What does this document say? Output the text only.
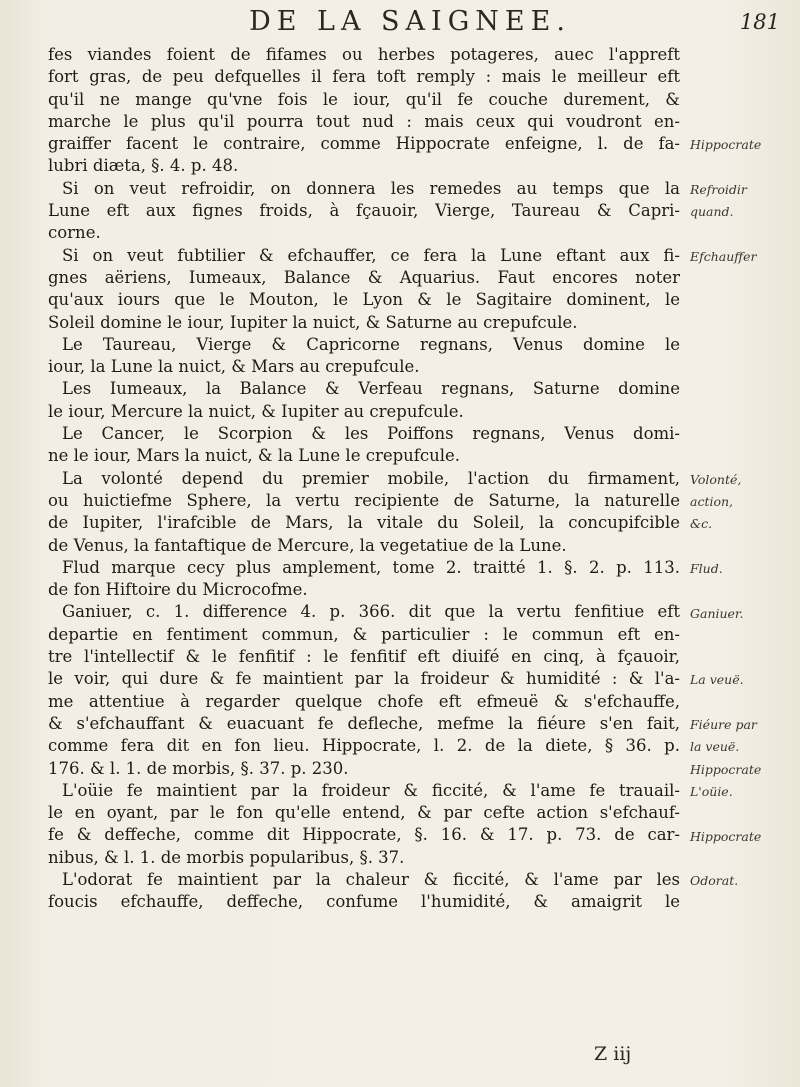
DE LA SAIGNEE.	181
fes viandes foient de fifames ou herbes potageres, auec l'appreft
fort gras, de peu defquelles il fera toft remply : mais le meilleur eft
qu'il ne mange qu'vne fois le iour, qu'il fe couche durement, &
marche le plus qu'il pourra tout nud : mais ceux qui voudront en-
graiffer facent le contraire, comme Hippocrate enfeigne, l. de fa-
lubri diæta, §. 4. p. 48.
Si on veut refroidir, on donnera les remedes au temps que la
Lune eft aux fignes froids, à fçauoir, Vierge, Taureau & Capri-
corne.
Si on veut fubtilier & efchauffer, ce fera la Lune eftant aux fi-
gnes aëriens, Iumeaux, Balance & Aquarius. Faut encores noter
qu'aux iours que le Mouton, le Lyon & le Sagitaire dominent, le
Soleil domine le iour, Iupiter la nuict, & Saturne au crepufcule.
Le Taureau, Vierge & Capricorne regnans, Venus domine le
iour, la Lune la nuict, & Mars au crepufcule.
Les Iumeaux, la Balance & Verfeau regnans, Saturne domine
le iour, Mercure la nuict, & Iupiter au crepufcule.
Le Cancer, le Scorpion & les Poiffons regnans, Venus domi-
ne le iour, Mars la nuict, & la Lune le crepufcule.
La volonté depend du premier mobile, l'action du firmament,
ou huictiefme Sphere, la vertu recipiente de Saturne, la naturelle
de Iupiter, l'irafcible de Mars, la vitale du Soleil, la concupifcible
de Venus, la fantaftique de Mercure, la vegetatiue de la Lune.
Flud marque cecy plus amplement, tome 2. traitté 1. §. 2. p. 113.
de fon Hiftoire du Microcofme.
Ganiuer, c. 1. difference 4. p. 366. dit que la vertu fenfitiue eft
departie en fentiment commun, & particulier : le commun eft en-
tre l'intellectif & le fenfitif : le fenfitif eft diuifé en cinq, à fçauoir,
le voir, qui dure & fe maintient par la froideur & humidité : & l'a-
me attentiue à regarder quelque chofe eft efmeuë & s'efchauffe,
& s'efchauffant & euacuant fe defleche, mefme la fiéure s'en fait,
comme fera dit en fon lieu. Hippocrate, l. 2. de la diete, § 36. p.
176. & l. 1. de morbis, §. 37. p. 230.
L'oüie fe maintient par la froideur & ficcité, & l'ame fe trauail-
le en oyant, par le fon qu'elle entend, & par cefte action s'efchauf-
fe & deffeche, comme dit Hippocrate, §. 16. & 17. p. 73. de car-
nibus, & l. 1. de morbis popularibus, §. 37.
L'odorat fe maintient par la chaleur & ficcité, & l'ame par les
foucis efchauffe, deffeche, confume l'humidité, & amaigrit le
Hippocrate
Refroidir
quand.
Efchauffer
Volonté,
action,
&c.
Flud.
Ganiuer.
La veuë.
Fiéure par
la veuë.
Hippocrate
L'oüie.
Hippocrate
Odorat.
Z iij
